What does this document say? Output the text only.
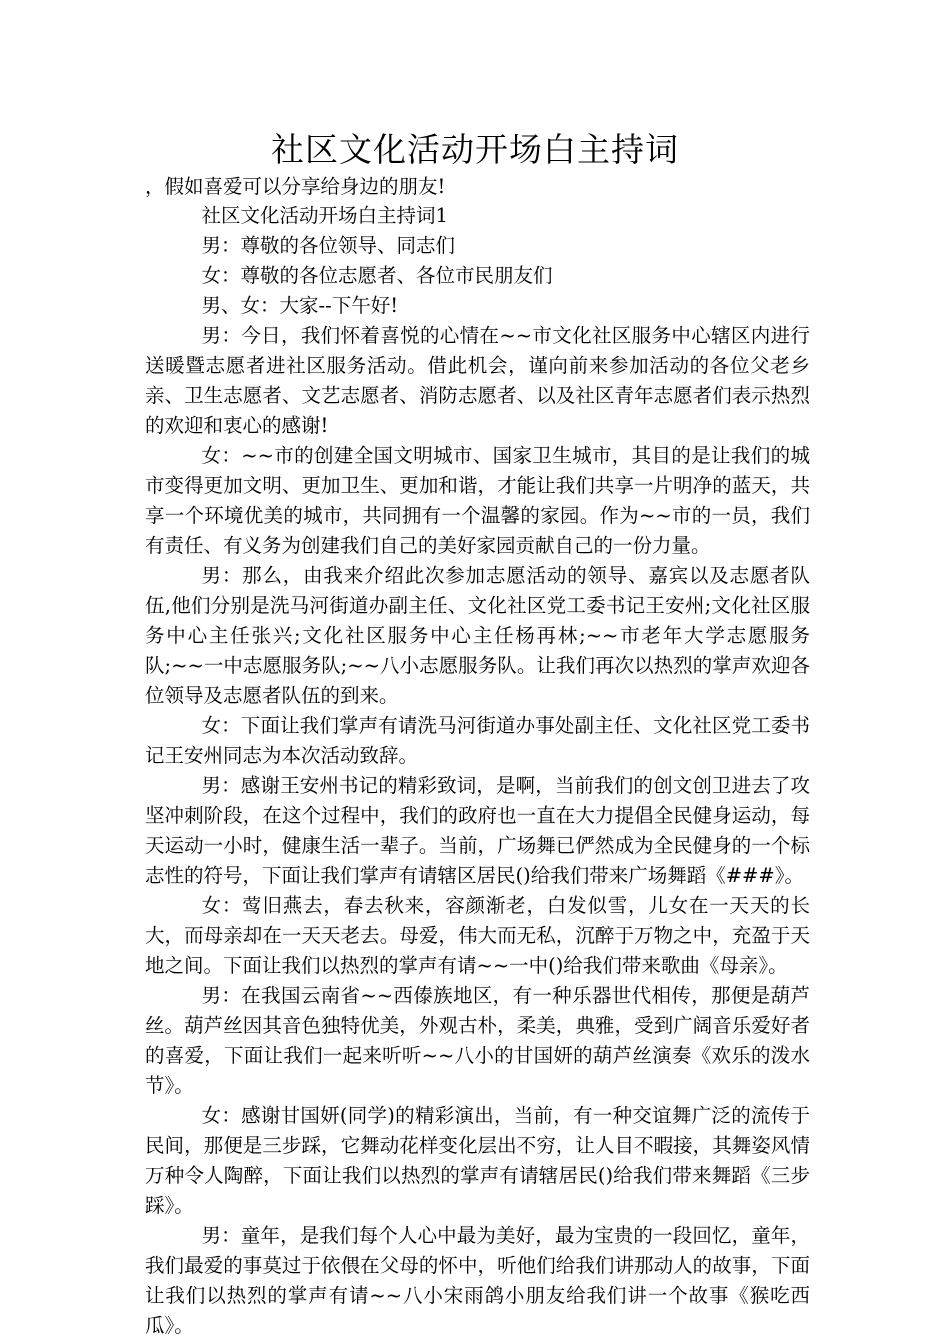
社区文化活动开场白主持词

，假如喜爱可以分享给身边的朋友!

社区文化活动开场白主持词1

男：尊敬的各位领导、同志们

女：尊敬的各位志愿者、各位市民朋友们

男、女：大家--下午好!

男：今日，我们怀着喜悦的心情在~~市文化社区服务中心辖区内进行送暖暨志愿者进社区服务活动。借此机会，谨向前来参加活动的各位父老乡亲、卫生志愿者、文艺志愿者、消防志愿者、以及社区青年志愿者们表示热烈的欢迎和衷心的感谢!

女：~~市的创建全国文明城市、国家卫生城市，其目的是让我们的城市变得更加文明、更加卫生、更加和谐，才能让我们共享一片明净的蓝天，共享一个环境优美的城市，共同拥有一个温馨的家园。作为~~市的一员，我们有责任、有义务为创建我们自己的美好家园贡献自己的一份力量。

男：那么，由我来介绍此次参加志愿活动的领导、嘉宾以及志愿者队伍,他们分别是洗马河街道办副主任、文化社区党工委书记王安州;文化社区服务中心主任张兴;文化社区服务中心主任杨再林;~~市老年大学志愿服务队;~~一中志愿服务队;~~八小志愿服务队。让我们再次以热烈的掌声欢迎各位领导及志愿者队伍的到来。

女：下面让我们掌声有请洗马河街道办事处副主任、文化社区党工委书记王安州同志为本次活动致辞。

男：感谢王安州书记的精彩致词，是啊，当前我们的创文创卫进去了攻坚冲刺阶段，在这个过程中，我们的政府也一直在大力提倡全民健身运动，每天运动一小时，健康生活一辈子。当前，广场舞已俨然成为全民健身的一个标志性的符号，下面让我们掌声有请辖区居民()给我们带来广场舞蹈《###》。

女：莺旧燕去，春去秋来，容颜渐老，白发似雪，儿女在一天天的长大，而母亲却在一天天老去。母爱，伟大而无私，沉醉于万物之中，充盈于天地之间。下面让我们以热烈的掌声有请~~一中()给我们带来歌曲《母亲》。

男：在我国云南省~~西傣族地区，有一种乐器世代相传，那便是葫芦丝。葫芦丝因其音色独特优美，外观古朴，柔美，典雅，受到广阔音乐爱好者的喜爱，下面让我们一起来听听~~八小的甘国妍的葫芦丝演奏《欢乐的泼水节》。

女：感谢甘国妍(同学)的精彩演出，当前，有一种交谊舞广泛的流传于民间，那便是三步踩，它舞动花样变化层出不穷，让人目不暇接，其舞姿风情万种令人陶醉，下面让我们以热烈的掌声有请辖居民()给我们带来舞蹈《三步踩》。

男：童年，是我们每个人心中最为美好，最为宝贵的一段回忆，童年，我们最爱的事莫过于依偎在父母的怀中，听他们给我们讲那动人的故事，下面让我们以热烈的掌声有请~~八小宋雨鸽小朋友给我们讲一个故事《猴吃西瓜》。
